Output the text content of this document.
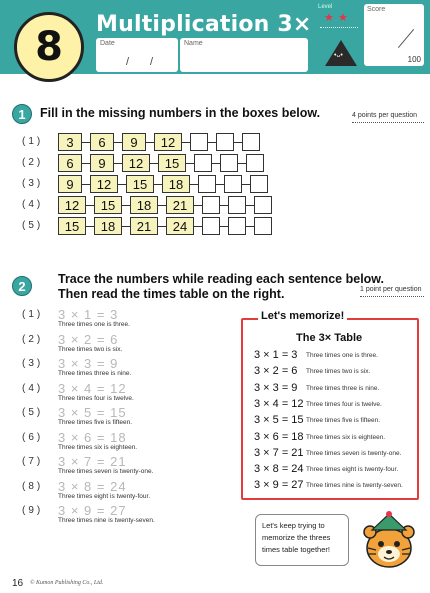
Multiplication 3×
Date
/ /
Name
Level
★ ★
•ᴗ•
Score
100
8
1	Fill in the missing numbers in the boxes below.	4 points per question
(1)	3	6	9	12
(2)	6	9	12	15
(3)	9	12	15	18
(4)	12	15	18	21
(5)	15	18	21	24
2	Trace the numbers while reading each sentence below.
Then read the times table on the right.	1 point per question
(1) 3 × 1 = 3
Three times one is three.
(2) 3 × 2 = 6
Three times two is six.
(3) 3 × 3 = 9
Three times three is nine.
(4) 3 × 4 = 12
Three times four is twelve.
(5) 3 × 5 = 15
Three times five is fifteen.
(6) 3 × 6 = 18
Three times six is eighteen.
(7) 3 × 7 = 21
Three times seven is twenty-one.
(8) 3 × 8 = 24
Three times eight is twenty-four.
(9) 3 × 9 = 27
Three times nine is twenty-seven.
Let's memorize!
The 3× Table
3 × 1 = 3 Three times one is three.
3 × 2 = 6 Three times two is six.
3 × 3 = 9 Three times three is nine.
3 × 4 = 12 Three times four is twelve.
3 × 5 = 15 Three times five is fifteen.
3 × 6 = 18 Three times six is eighteen.
3 × 7 = 21 Three times seven is twenty-one.
3 × 8 = 24 Three times eight is twenty-four.
3 × 9 = 27 Three times nine is twenty-seven.
Let's keep trying to
memorize the threes
times table together!
16 © Kumon Publishing Co., Ltd.
